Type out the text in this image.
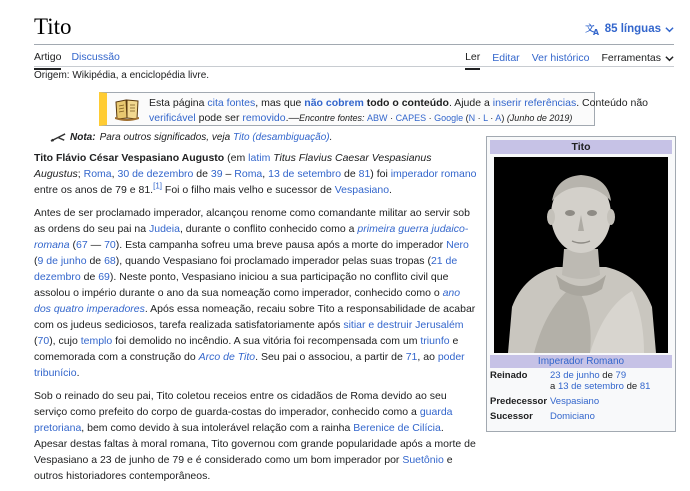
Tito	文
A 85 línguas
Artigo Discussão	Ler Editar Ver histórico Ferramentas
Origem: Wikipédia, a enciclopédia livre.
Esta página cita fontes, mas que não cobrem todo o conteúdo. Ajude a inserir referências. Conteúdo não
verificável pode ser removido.—Encontre fontes: ABW · CAPES · Google (N · L · A) (Junho de 2019)
Nota: Para outros significados, veja Tito (desambiguação).

Tito Flávio César Vespasiano Augusto (em latim Titus Flavius Caesar Vespasianus Augustus; Roma, 30 de dezembro de 39 – Roma, 13 de setembro de 81) foi imperador romano entre os anos de 79 e 81.[1] Foi o filho mais velho e sucessor de Vespasiano.

Antes de ser proclamado imperador, alcançou renome como comandante militar ao servir sob as ordens do seu pai na Judeia, durante o conflito conhecido como a primeira guerra judaico-romana (67 — 70). Esta campanha sofreu uma breve pausa após a morte do imperador Nero (9 de junho de 68), quando Vespasiano foi proclamado imperador pelas suas tropas (21 de dezembro de 69). Neste ponto, Vespasiano iniciou a sua participação no conflito civil que assolou o império durante o ano da sua nomeação como imperador, conhecido como o ano dos quatro imperadores. Após essa nomeação, recaiu sobre Tito a responsabilidade de acabar com os judeus sediciosos, tarefa realizada satisfatoriamente após sitiar e destruir Jerusalém (70), cujo templo foi demolido no incêndio. A sua vitória foi recompensada com um triunfo e comemorada com a construção do Arco de Tito. Seu pai o associou, a partir de 71, ao poder tribunício.

Sob o reinado do seu pai, Tito coletou receios entre os cidadãos de Roma devido ao seu serviço como prefeito do corpo de guarda-costas do imperador, conhecido como a guarda pretoriana, bem como devido à sua intolerável relação com a rainha Berenice de Cilícia. Apesar destas faltas à moral romana, Tito governou com grande popularidade após a morte de Vespasiano a 23 de junho de 79 e é considerado como um bom imperador por Suetônio e outros historiadores contemporâneos.

Tito
Imperador Romano
Reinado	23 de junho de 79
a 13 de setembro de 81
Predecessor Vespasiano
Sucessor	Domiciano
